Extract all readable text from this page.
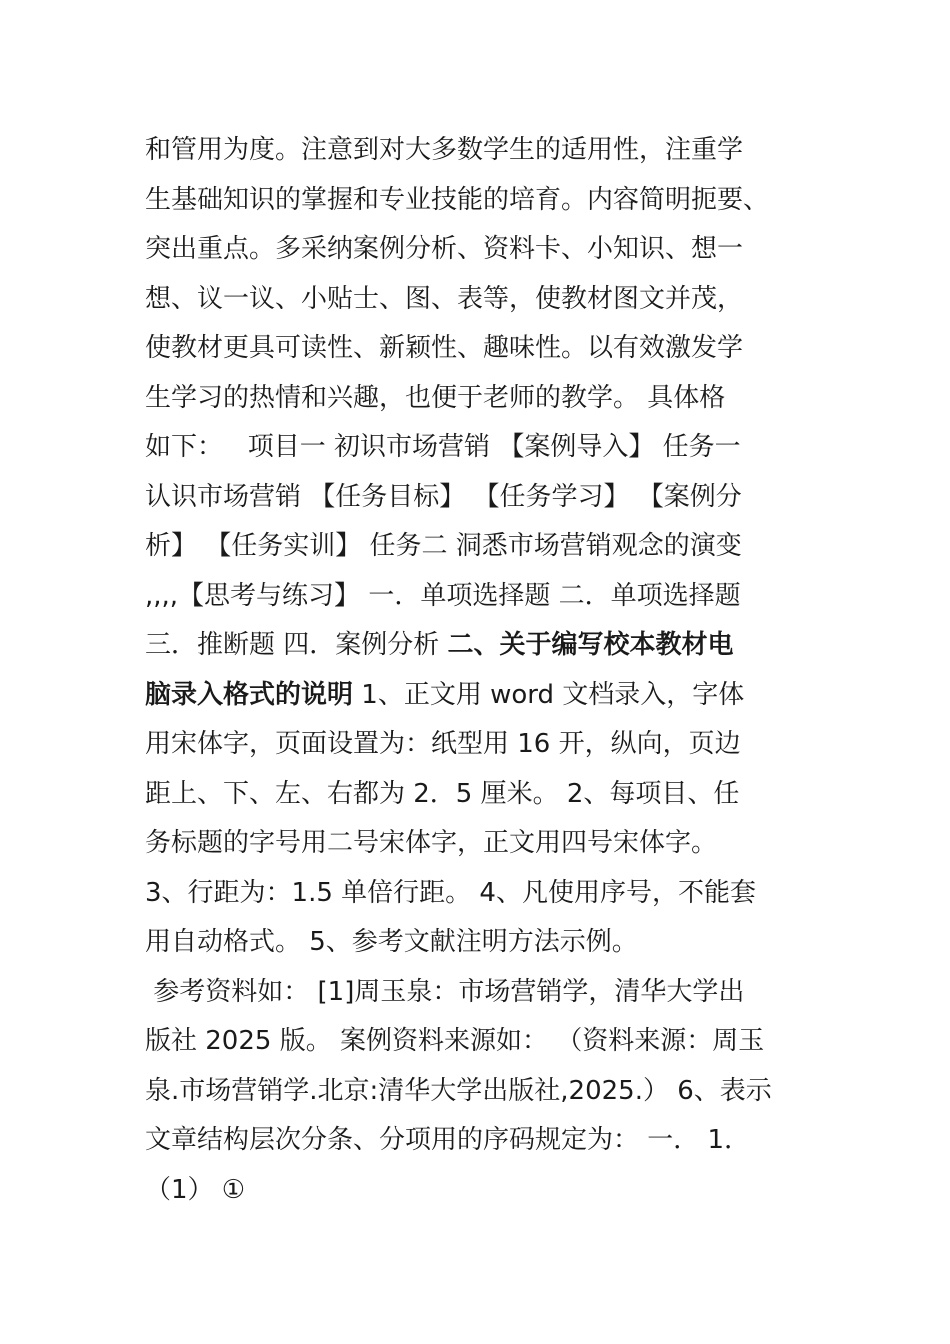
和管用为度。注意到对大多数学生的适用性，注重学
生基础知识的掌握和专业技能的培育。内容简明扼要、
突出重点。多采纳案例分析、资料卡、小知识、想一
想、议一议、小贴士、图、表等，使教材图文并茂，
使教材更具可读性、新颖性、趣味性。以有效激发学
生学习的热情和兴趣，也便于老师的教学。 具体格
如下：   项目一 初识市场营销 【案例导入】 任务一
认识市场营销 【任务目标】 【任务学习】 【案例分
析】 【任务实训】 任务二 洞悉市场营销观念的演变
,,,,【思考与练习】 一．单项选择题 二．单项选择题
三．推断题 四．案例分析 二、关于编写校本教材电
脑录入格式的说明 1、正文用 word 文档录入，字体
用宋体字，页面设置为：纸型用 16 开，纵向，页边
距上、下、左、右都为 2．5 厘米。 2、每项目、任
务标题的字号用二号宋体字，正文用四号宋体字。
3、行距为：1.5 单倍行距。 4、凡使用序号，不能套
用自动格式。 5、参考文献注明方法示例。
参考资料如： [1]周玉泉：市场营销学，清华大学出
版社 2025 版。 案例资料来源如： （资料来源：周玉
泉.市场营销学.北京:清华大学出版社,2025.） 6、表示
文章结构层次分条、分项用的序码规定为： 一． 1．
（1） ①
